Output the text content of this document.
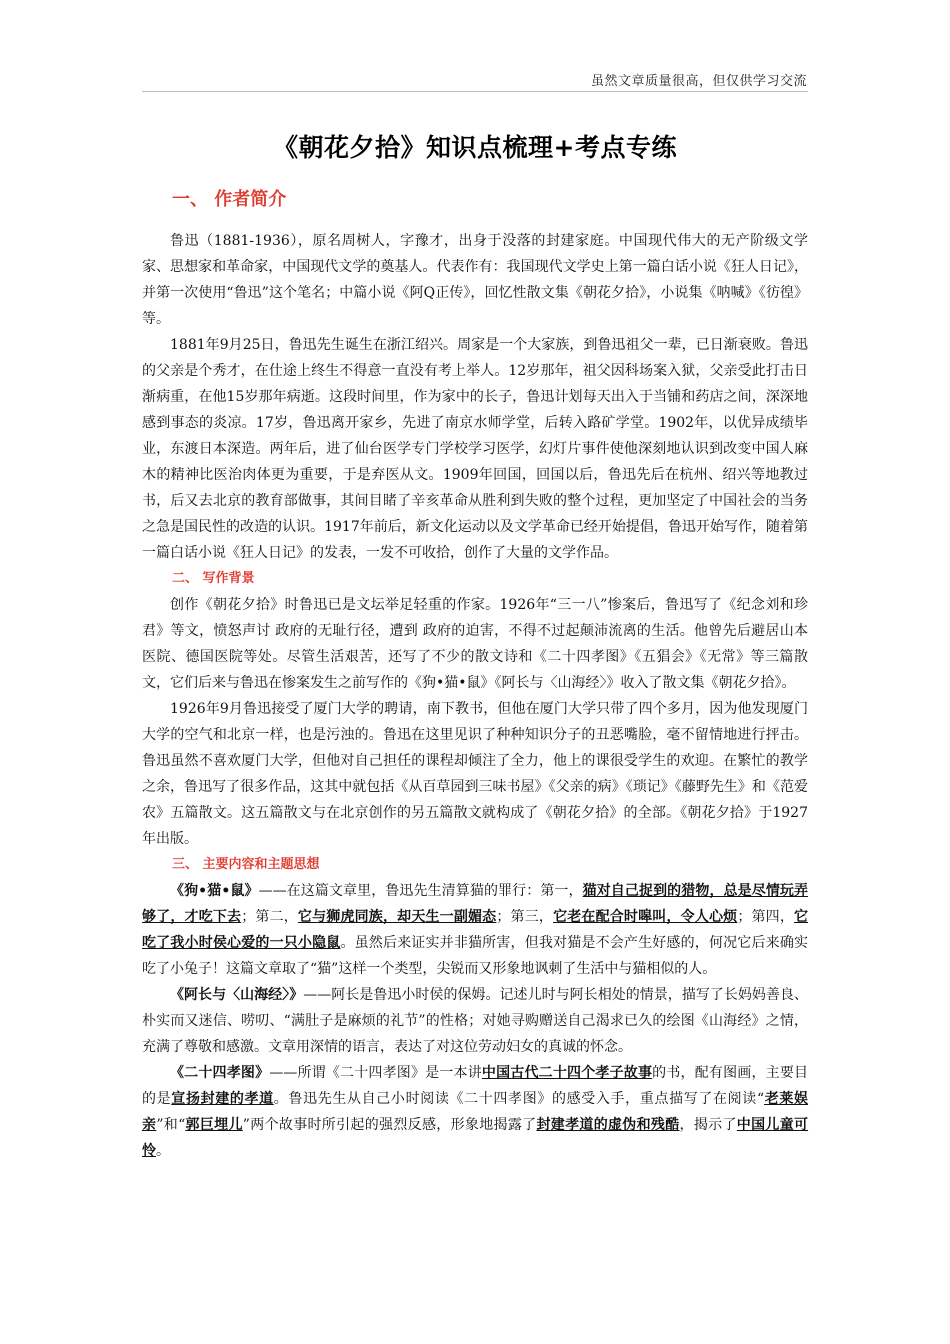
虽然文章质量很高，但仅供学习交流
《朝花夕拾》知识点梳理+考点专练
一、 作者简介

鲁迅（1881-1936），原名周树人，字豫才，出身于没落的封建家庭。中国现代伟大的无产阶级文学家、思想家和革命家，中国现代文学的奠基人。代表作有：我国现代文学史上第一篇白话小说《狂人日记》，并第一次使用“鲁迅”这个笔名；中篇小说《阿Q正传》，回忆性散文集《朝花夕拾》，小说集《呐喊》《彷徨》等。

1881年9月25日，鲁迅先生诞生在浙江绍兴。周家是一个大家族，到鲁迅祖父一辈，已日渐衰败。鲁迅的父亲是个秀才，在仕途上终生不得意一直没有考上举人。12岁那年，祖父因科场案入狱，父亲受此打击日渐病重，在他15岁那年病逝。这段时间里，作为家中的长子，鲁迅计划每天出入于当铺和药店之间，深深地感到事态的炎凉。17岁，鲁迅离开家乡，先进了南京水师学堂，后转入路矿学堂。1902年，以优异成绩毕业，东渡日本深造。两年后，进了仙台医学专门学校学习医学，幻灯片事件使他深刻地认识到改变中国人麻木的精神比医治肉体更为重要，于是弃医从文。1909年回国，回国以后，鲁迅先后在杭州、绍兴等地教过书，后又去北京的教育部做事，其间目睹了辛亥革命从胜利到失败的整个过程，更加坚定了中国社会的当务之急是国民性的改造的认识。1917年前后，新文化运动以及文学革命已经开始提倡，鲁迅开始写作，随着第一篇白话小说《狂人日记》的发表，一发不可收拾，创作了大量的文学作品。

二、 写作背景

创作《朝花夕拾》时鲁迅已是文坛举足轻重的作家。1926年“三一八”惨案后，鲁迅写了《纪念刘和珍君》等文，愤怒声讨 政府的无耻行径，遭到 政府的迫害，不得不过起颠沛流离的生活。他曾先后避居山本医院、德国医院等处。尽管生活艰苦，还写了不少的散文诗和《二十四孝图》《五猖会》《无常》等三篇散文，它们后来与鲁迅在惨案发生之前写作的《狗•猫•鼠》《阿长与〈山海经〉》收入了散文集《朝花夕拾》。

1926年9月鲁迅接受了厦门大学的聘请，南下教书，但他在厦门大学只带了四个多月，因为他发现厦门大学的空气和北京一样，也是污浊的。鲁迅在这里见识了种种知识分子的丑恶嘴脸，毫不留情地进行抨击。鲁迅虽然不喜欢厦门大学，但他对自己担任的课程却倾注了全力，他上的课很受学生的欢迎。在繁忙的教学之余，鲁迅写了很多作品，这其中就包括《从百草园到三味书屋》《父亲的病》《琐记》《藤野先生》和《范爱农》五篇散文。这五篇散文与在北京创作的另五篇散文就构成了《朝花夕拾》的全部。《朝花夕拾》于1927年出版。

三、 主要内容和主题思想

《狗•猫•鼠》——在这篇文章里，鲁迅先生清算猫的罪行：第一，猫对自己捉到的猎物，总是尽情玩弄够了，才吃下去；第二，它与狮虎同族，却天生一副媚态；第三，它老在配合时嗥叫，令人心烦；第四，它吃了我小时侯心爱的一只小隐鼠。虽然后来证实并非猫所害，但我对猫是不会产生好感的，何况它后来确实吃了小兔子！这篇文章取了“猫”这样一个类型，尖锐而又形象地讽刺了生活中与猫相似的人。

《阿长与〈山海经〉》——阿长是鲁迅小时侯的保姆。记述儿时与阿长相处的情景，描写了长妈妈善良、朴实而又迷信、唠叨、“满肚子是麻烦的礼节”的性格；对她寻购赠送自己渴求已久的绘图《山海经》之情，充满了尊敬和感激。文章用深情的语言，表达了对这位劳动妇女的真诚的怀念。

《二十四孝图》——所谓《二十四孝图》是一本讲中国古代二十四个孝子故事的书，配有图画，主要目的是宣扬封建的孝道。鲁迅先生从自己小时阅读《二十四孝图》的感受入手，重点描写了在阅读“老莱娱亲”和“郭巨埋儿”两个故事时所引起的强烈反感，形象地揭露了封建孝道的虚伪和残酷，揭示了中国儿童可怜。
